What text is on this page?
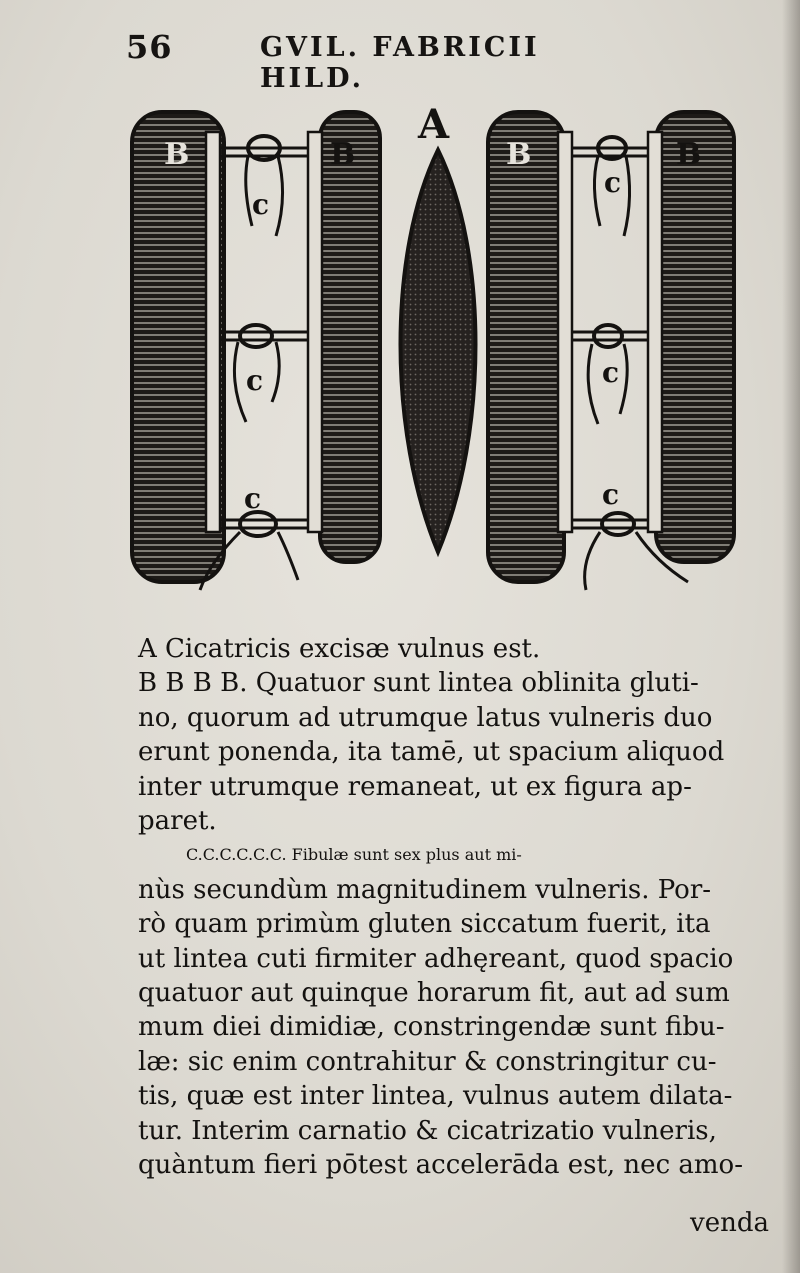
56	GVIL. FABRICII HILD.
B	B
c
c
c
A
B	B
c
c
c
A Cicatricis excisæ vulnus est.
B B B B. Quatuor sunt lintea oblinita gluti-
no, quorum ad utrumque latus vulneris duo
erunt ponenda, ita tamē, ut spacium aliquod
inter utrumque remaneat, ut ex figura ap-
paret.
C.C.C.C.C.C. Fibulæ sunt sex plus aut mi-
nùs secundùm magnitudinem vulneris. Por-
rò quam primùm gluten siccatum fuerit, ita
ut lintea cuti firmiter adhęreant, quod spacio
quatuor aut quinque horarum fit, aut ad sum
mum diei dimidiæ, constringendæ sunt fibu-
læ: sic enim contrahitur & constringitur cu-
tis, quæ est inter lintea, vulnus autem dilata-
tur. Interim carnatio & cicatrizatio vulneris,
quàntum fieri pōtest accelerāda est, nec amo-
venda
